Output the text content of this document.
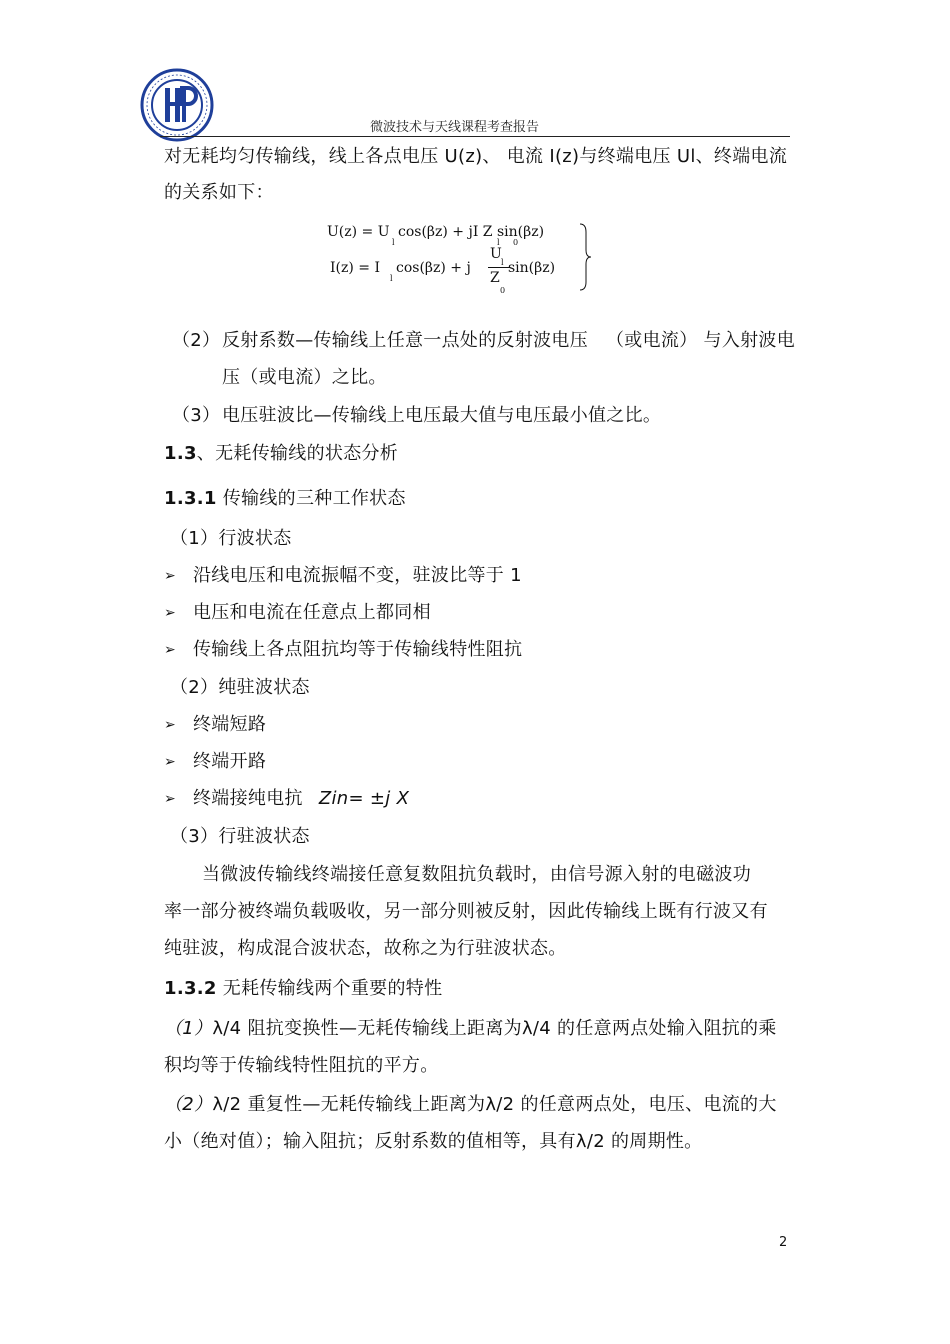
微波技术与天线课程考查报告
对无耗均匀传输线，线上各点电压 U(z)、 电流 I(z)与终端电压 Ul、终端电流
的关系如下：
U(z) = U
l
cos(βz) + jI Z sin(βz)
l 0
I(z) = I
l
cos(βz) + j
U
l
Z
0
sin(βz)
（2） 反射系数—传输线上任意一点处的反射波电压 （或电流） 与入射波电
压（或电流）之比。
（3） 电压驻波比—传输线上电压最大值与电压最小值之比。
1.3、无耗传输线的状态分析
1.3.1 传输线的三种工作状态
（1）行波状态
➢ 沿线电压和电流振幅不变，驻波比等于 1
➢ 电压和电流在任意点上都同相
➢ 传输线上各点阻抗均等于传输线特性阻抗
（2）纯驻波状态
➢ 终端短路
➢ 终端开路
➢ 终端接纯电抗 Zin= ±j X
（3）行驻波状态
当微波传输线终端接任意复数阻抗负载时，由信号源入射的电磁波功
率一部分被终端负载吸收，另一部分则被反射，因此传输线上既有行波又有
纯驻波，构成混合波状态，故称之为行驻波状态。
1.3.2 无耗传输线两个重要的特性
（1）λ/4 阻抗变换性—无耗传输线上距离为λ/4 的任意两点处输入阻抗的乘
积均等于传输线特性阻抗的平方。
（2）λ/2 重复性—无耗传输线上距离为λ/2 的任意两点处，电压、电流的大
小（绝对值）；输入阻抗；反射系数的值相等，具有λ/2 的周期性。
2
